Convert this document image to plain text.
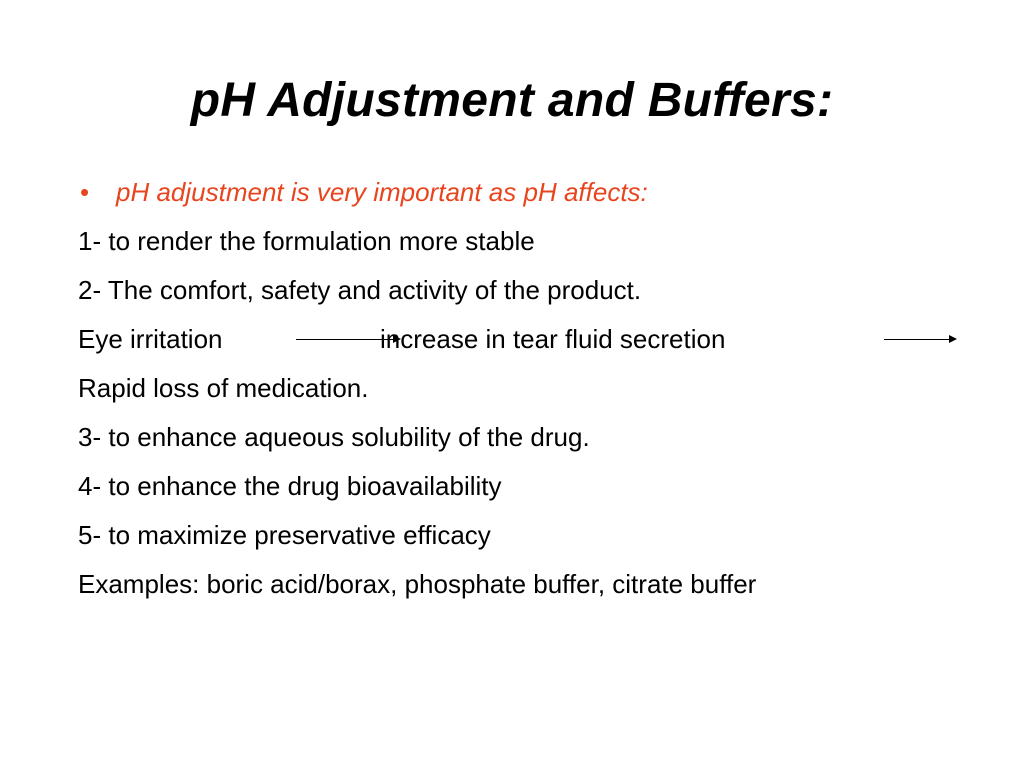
pH Adjustment and Buffers:
• pH adjustment is very important as pH affects:
1- to render the formulation more stable
2- The comfort, safety and activity of the product.
Eye irritation	increase in tear fluid secretion
Rapid loss of medication.
3- to enhance aqueous solubility of the drug.
4- to enhance the drug bioavailability
5- to maximize preservative efficacy
Examples: boric acid/borax, phosphate buffer, citrate buffer
